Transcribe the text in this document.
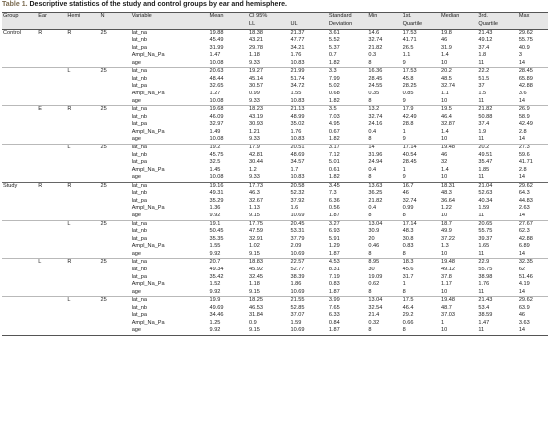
Table 1. Descriptive statistics of the study and control groups by ear and hemisphere.
Group	Ear	Hemi	N	Variable	Mean	CI 95%		Standard	Min	1st.	Median	3rd.	Max
						LL	UL	Deviation		Quartile		Quartile	
Control	R	R	25	lat_na	19.88	18.38	21.37	3.61	14.6	17.53	19.8	21.43	29.62
				lat_nb	45.49	43.21	47.77	5.52	32.74	41.71	46	49.12	55.75
				lat_pa	31.99	29.78	34.21	5.37	21.82	26.5	31.9	37.4	40.9
				Ampl_Na_Pa	1.47	1.18	1.76	0.7	0.3	1.1	1.4	1.8	3
				age	10.08	9.33	10.83	1.82	8	9	10	11	14
		L	25	lat_na	20.63	19.27	21.99	3.3	16.36	17.53	20.2	22.2	28.45
				lat_nb	48.44	45.14	51.74	7.99	28.45	45.8	48.5	51.5	65.89
				lat_pa	32.65	30.57	34.72	5.02	24.55	28.25	32.74	37	42.88
				Ampl_Na_Pa	1.27	0.99	1.55	0.68	0.35	0.85	1.1	1.5	3.6
				age	10.08	9.33	10.83	1.82	8	9	10	11	14
	E	R	25	lat_na	19.68	18.23	21.13	3.5	13.2	17.9	19.5	21.82	26.9
				lat_nb	46.09	43.19	48.99	7.03	32.74	42.49	46.4	50.88	58.9
				lat_pa	32.97	30.93	35.02	4.95	24.16	28.8	32.87	37.4	42.49
				Ampl_Na_Pa	1.49	1.21	1.76	0.67	0.4	1	1.4	1.9	2.8
				age	10.08	9.33	10.83	1.82	8	9	10	11	14
		L	25	lat_na	19.2	17.9	20.51	3.17	14	17.14	19.48	20.2	27.3
				lat_nb	45.75	42.81	48.69	7.12	31.96	40.54	46	49.51	59.6
				lat_pa	32.5	30.44	34.57	5.01	24.94	28.45	32	35.47	41.71
				Ampl_Na_Pa	1.45	1.2	1.7	0.61	0.4	1	1.4	1.85	2.8
				age	10.08	9.33	10.83	1.82	8	9	10	11	14
Study	R	R	25	lat_na	19.16	17.73	20.58	3.45	13.63	16.7	18.31	21.04	29.62
				lat_nb	49.31	46.3	52.32	7.3	36.25	46	48.3	52.63	64.3
				lat_pa	35.29	32.67	37.92	6.36	21.82	32.74	36.64	40.34	44.83
				Ampl_Na_Pa	1.36	1.13	1.6	0.56	0.4	0.99	1.22	1.59	2.63
				age	9.92	9.15	10.69	1.87	8	8	10	11	14
		L	25	lat_na	19.1	17.75	20.45	3.27	13.04	17.14	18.7	20.65	27.67
				lat_nb	50.45	47.59	53.31	6.93	30.9	48.3	49.9	55.75	62.3
				lat_pa	35.35	32.91	37.79	5.91	20	30.8	37.22	39.37	42.88
				Ampl_Na_Pa	1.55	1.02	2.09	1.29	0.46	0.83	1.3	1.65	6.89
				age	9.92	9.15	10.69	1.87	8	8	10	11	14
	L	R	25	lat_na	20.7	18.83	22.57	4.53	8.95	18.3	19.48	22.9	32.35
				lat_nb	49.34	45.92	52.77	8.31	30	45.6	49.12	55.75	62
				lat_pa	35.42	32.45	38.39	7.19	19.09	31.7	37.8	38.98	51.46
				Ampl_Na_Pa	1.52	1.18	1.86	0.83	0.62	1	1.17	1.76	4.19
				age	9.92	9.15	10.69	1.87	8	8	10	11	14
		L	25	lat_na	19.9	18.25	21.55	3.99	13.04	17.5	19.48	21.43	29.62
				lat_nb	49.69	46.53	52.85	7.65	32.54	46.4	48.7	53.4	63.9
				lat_pa	34.46	31.84	37.07	6.33	21.4	29.2	37.03	38.59	46
				Ampl_Na_Pa	1.25	0.9	1.59	0.84	0.32	0.66	1	1.47	3.63
				age	9.92	9.15	10.69	1.87	8	8	10	11	14
